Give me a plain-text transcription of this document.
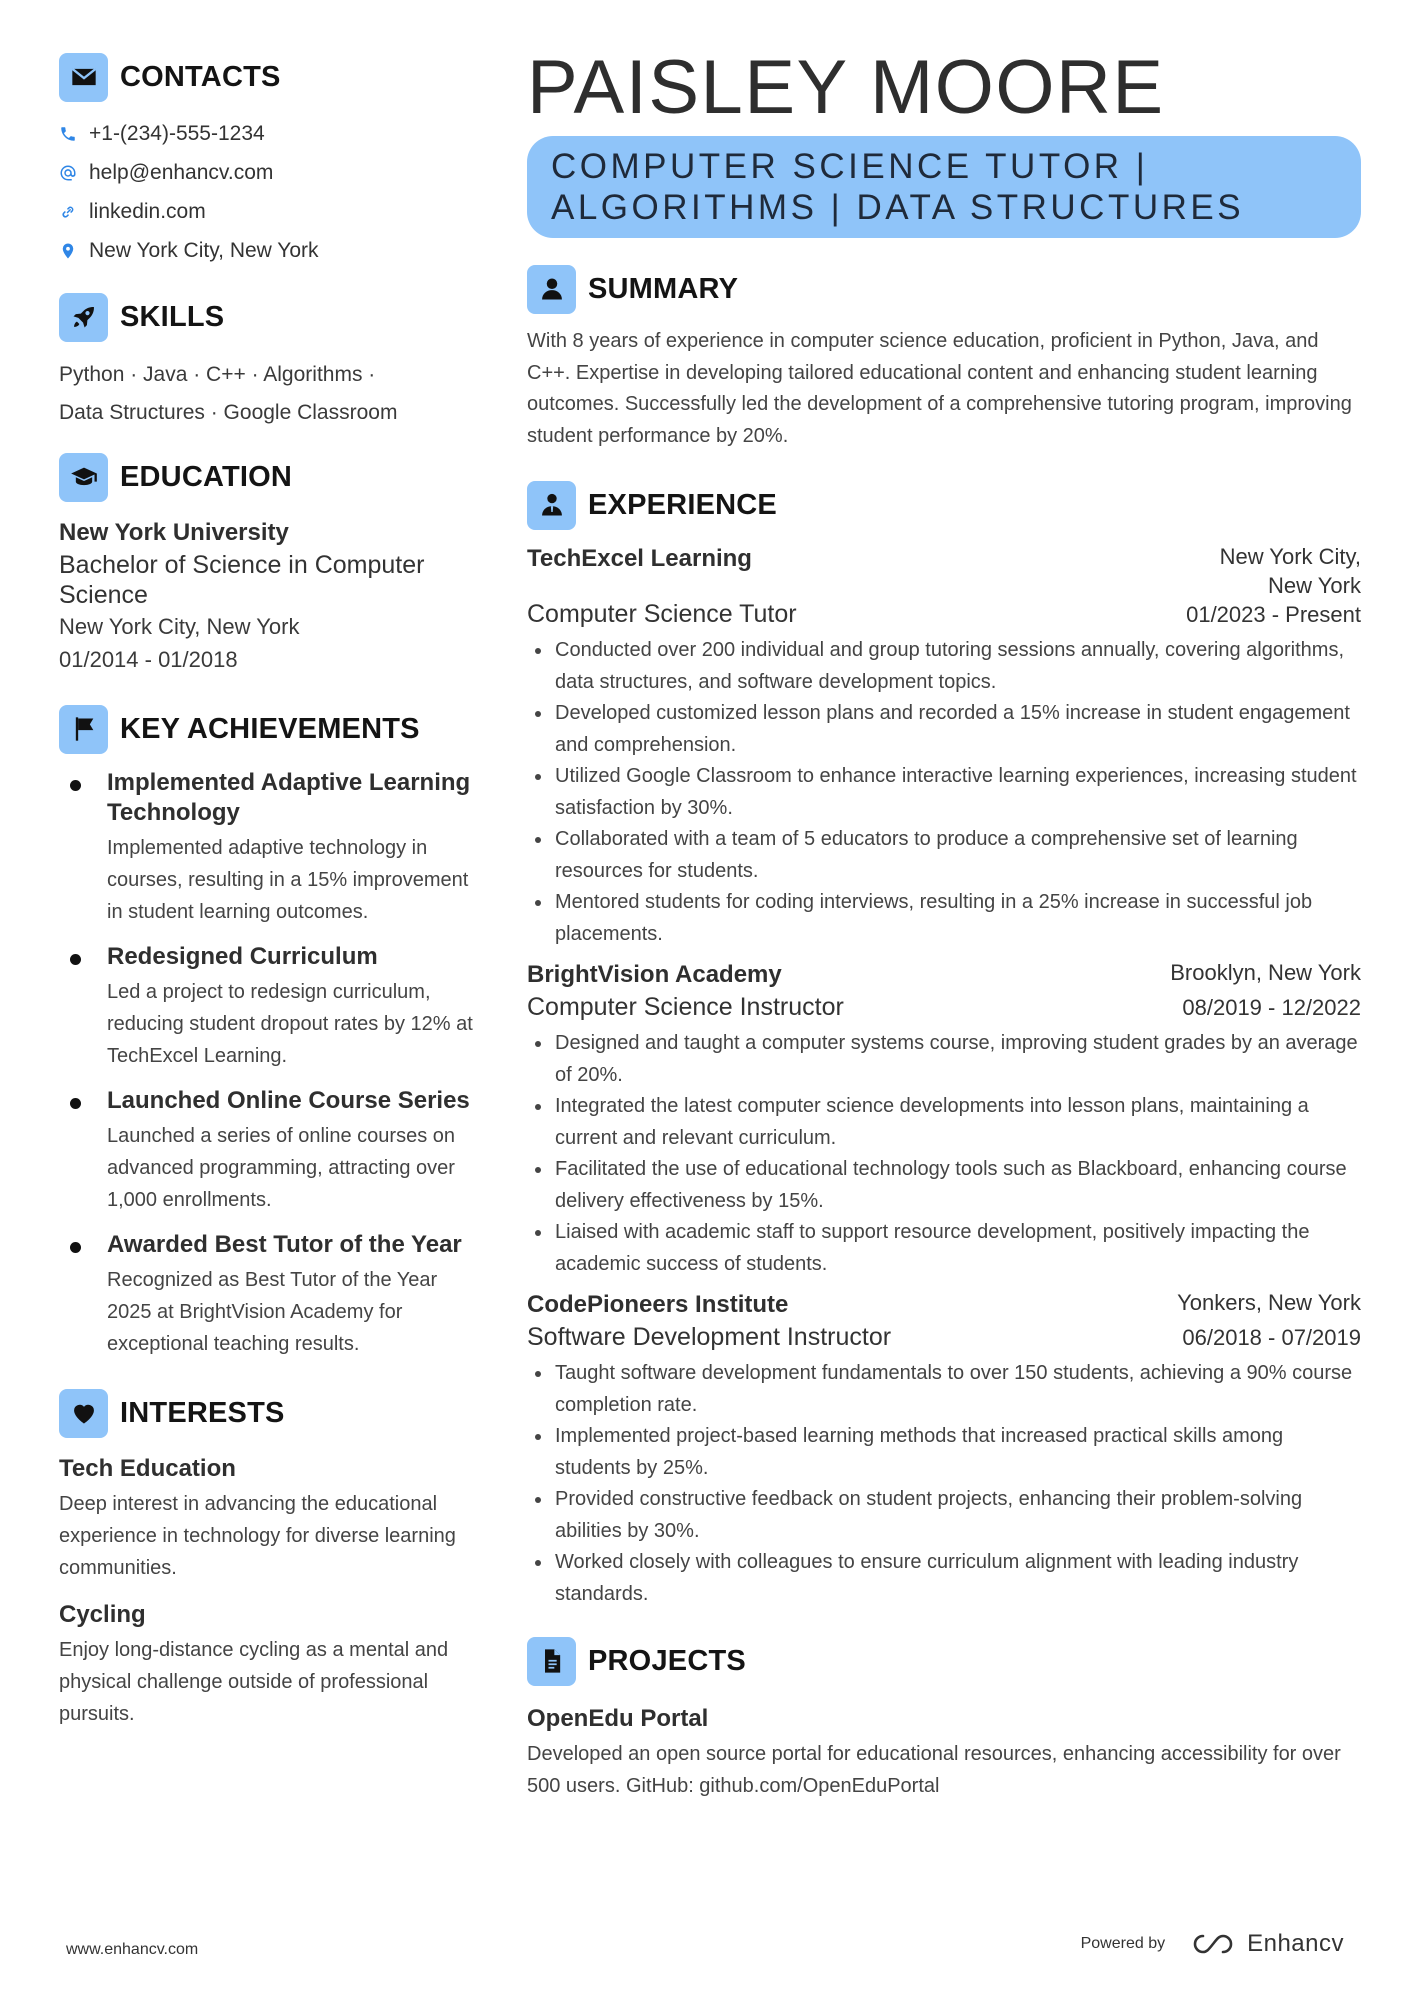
CONTACTS
+1-(234)-555-1234
help@enhancv.com
linkedin.com
New York City, New York
SKILLS
Python · Java · C++ · Algorithms ·
Data Structures · Google Classroom
EDUCATION
New York University
Bachelor of Science in Computer Science
New York City, New York
01/2014 - 01/2018
KEY ACHIEVEMENTS
Implemented Adaptive Learning Technology
Implemented adaptive technology in courses, resulting in a 15% improvement in student learning outcomes.
Redesigned Curriculum
Led a project to redesign curriculum, reducing student dropout rates by 12% at TechExcel Learning.
Launched Online Course Series
Launched a series of online courses on advanced programming, attracting over 1,000 enrollments.
Awarded Best Tutor of the Year
Recognized as Best Tutor of the Year 2025 at BrightVision Academy for exceptional teaching results.
INTERESTS
Tech Education
Deep interest in advancing the educational experience in technology for diverse learning communities.
Cycling
Enjoy long-distance cycling as a mental and physical challenge outside of professional pursuits.
PAISLEY MOORE
COMPUTER SCIENCE TUTOR |
ALGORITHMS | DATA STRUCTURES
SUMMARY
With 8 years of experience in computer science education, proficient in Python, Java, and C++. Expertise in developing tailored educational content and enhancing student learning outcomes. Successfully led the development of a comprehensive tutoring program, improving student performance by 20%.
EXPERIENCE
TechExcel Learning	New York City,
New York
Computer Science Tutor	01/2023 - Present
Conducted over 200 individual and group tutoring sessions annually, covering algorithms, data structures, and software development topics.
Developed customized lesson plans and recorded a 15% increase in student engagement and comprehension.
Utilized Google Classroom to enhance interactive learning experiences, increasing student satisfaction by 30%.
Collaborated with a team of 5 educators to produce a comprehensive set of learning resources for students.
Mentored students for coding interviews, resulting in a 25% increase in successful job placements.
BrightVision Academy	Brooklyn, New York
Computer Science Instructor	08/2019 - 12/2022
Designed and taught a computer systems course, improving student grades by an average of 20%.
Integrated the latest computer science developments into lesson plans, maintaining a current and relevant curriculum.
Facilitated the use of educational technology tools such as Blackboard, enhancing course delivery effectiveness by 15%.
Liaised with academic staff to support resource development, positively impacting the academic success of students.
CodePioneers Institute	Yonkers, New York
Software Development Instructor	06/2018 - 07/2019
Taught software development fundamentals to over 150 students, achieving a 90% course completion rate.
Implemented project-based learning methods that increased practical skills among students by 25%.
Provided constructive feedback on student projects, enhancing their problem-solving abilities by 30%.
Worked closely with colleagues to ensure curriculum alignment with leading industry standards.
PROJECTS
OpenEdu Portal
Developed an open source portal for educational resources, enhancing accessibility for over 500 users. GitHub: github.com/OpenEduPortal
www.enhancv.com	Powered by	Enhancv
